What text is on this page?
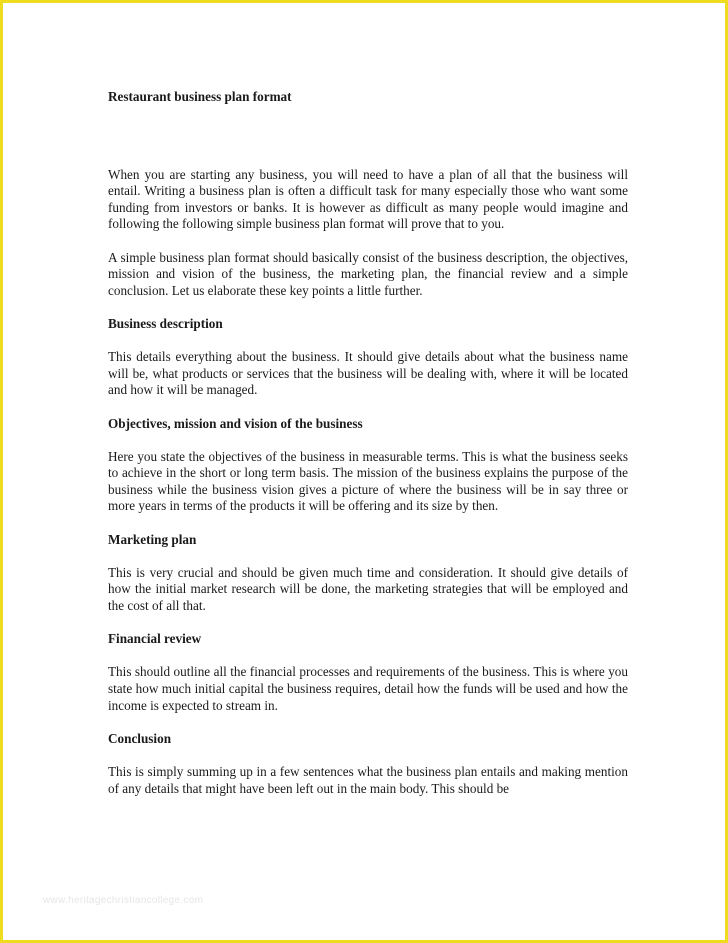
Restaurant business plan format

When you are starting any business, you will need to have a plan of all that the business will entail. Writing a business plan is often a difficult task for many especially those who want some funding from investors or banks. It is however as difficult as many people would imagine and following the following simple business plan format will prove that to you.

A simple business plan format should basically consist of the business description, the objectives, mission and vision of the business, the marketing plan, the financial review and a simple conclusion. Let us elaborate these key points a little further.

Business description

This details everything about the business. It should give details about what the business name will be, what products or services that the business will be dealing with, where it will be located and how it will be managed.

Objectives, mission and vision of the business

Here you state the objectives of the business in measurable terms. This is what the business seeks to achieve in the short or long term basis. The mission of the business explains the purpose of the business while the business vision gives a picture of where the business will be in say three or more years in terms of the products it will be offering and its size by then.

Marketing plan

This is very crucial and should be given much time and consideration. It should give details of how the initial market research will be done, the marketing strategies that will be employed and the cost of all that.

Financial review

This should outline all the financial processes and requirements of the business. This is where you state how much initial capital the business requires, detail how the funds will be used and how the income is expected to stream in.

Conclusion

This is simply summing up in a few sentences what the business plan entails and making mention of any details that might have been left out in the main body. This should be

www.heritagechristiancollege.com
